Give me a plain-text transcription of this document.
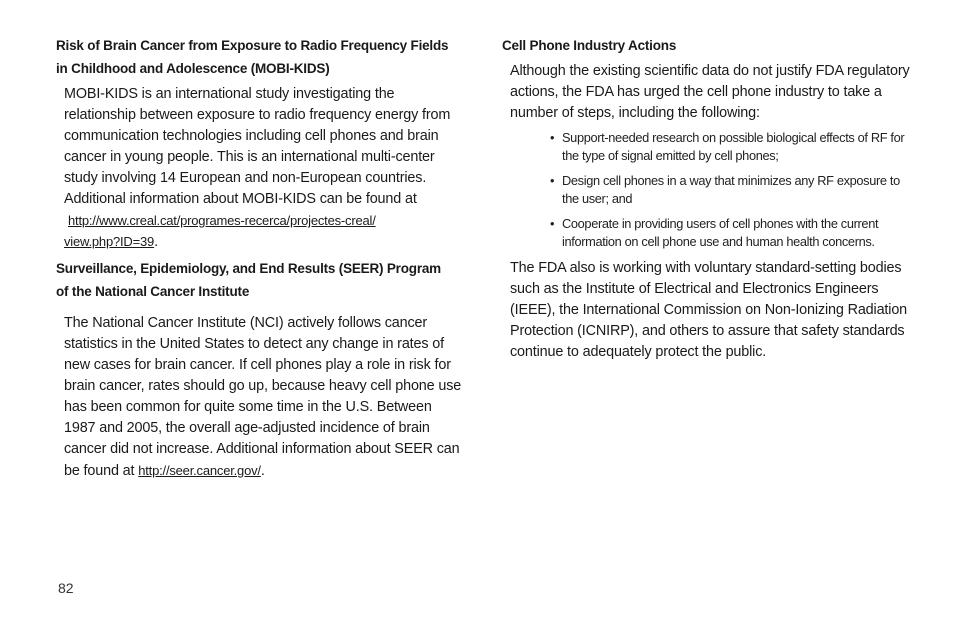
Risk of Brain Cancer from Exposure to Radio Frequency Fields
in Childhood and Adolescence (MOBI-KIDS)

MOBI-KIDS is an international study investigating the relationship between exposure to radio frequency energy from communication technologies including cell phones and brain cancer in young people. This is an international multi-center study involving 14 European and non-European countries. Additional information about MOBI-KIDS can be found at
http://www.creal.cat/programes-recerca/projectes-creal/
view.php?ID=39.

Surveillance, Epidemiology, and End Results (SEER) Program
of the National Cancer Institute

The National Cancer Institute (NCI) actively follows cancer statistics in the United States to detect any change in rates of new cases for brain cancer. If cell phones play a role in risk for brain cancer, rates should go up, because heavy cell phone use has been common for quite some time in the U.S. Between 1987 and 2005, the overall age-adjusted incidence of brain cancer did not increase. Additional information about SEER can be found at http://seer.cancer.gov/.

Cell Phone Industry Actions

Although the existing scientific data do not justify FDA regulatory actions, the FDA has urged the cell phone industry to take a number of steps, including the following:

• Support-needed research on possible biological effects of RF for the type of signal emitted by cell phones;
• Design cell phones in a way that minimizes any RF exposure to the user; and
• Cooperate in providing users of cell phones with the current information on cell phone use and human health concerns.

The FDA also is working with voluntary standard-setting bodies such as the Institute of Electrical and Electronics Engineers (IEEE), the International Commission on Non-Ionizing Radiation Protection (ICNIRP), and others to assure that safety standards continue to adequately protect the public.

82
